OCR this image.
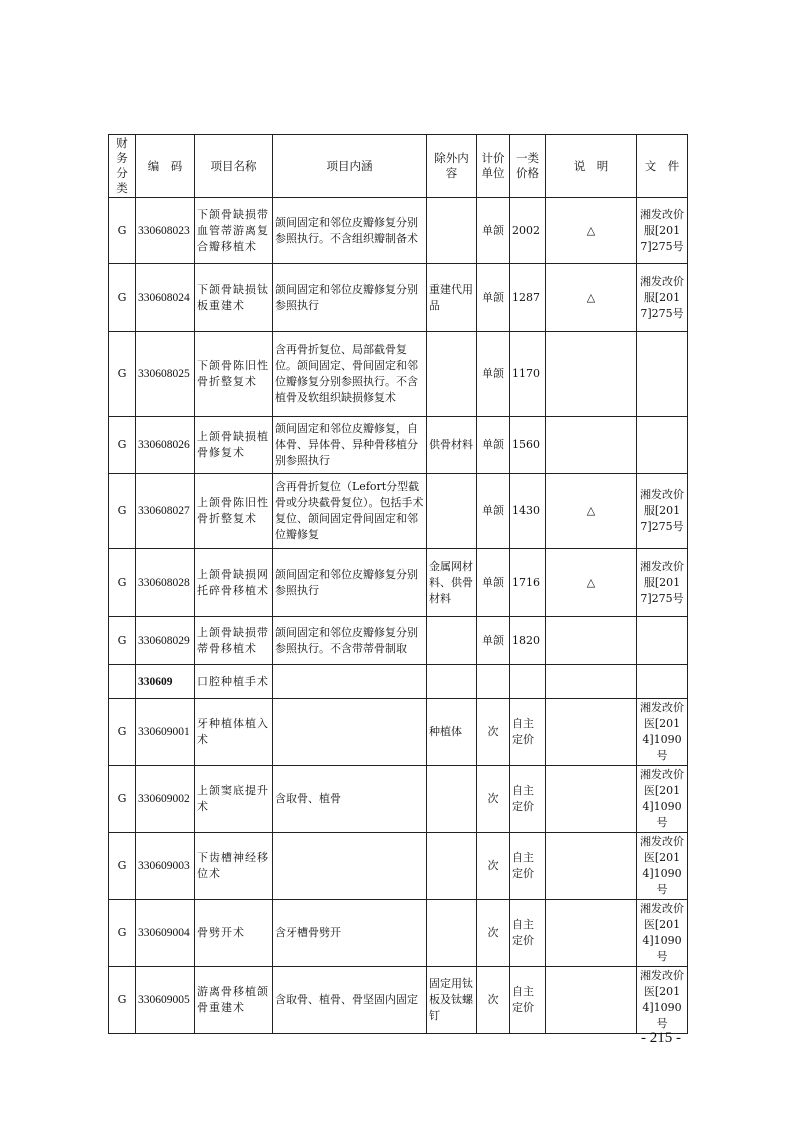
财务分类	编　码	项目名称	项目内涵	除外内容	计价单位	一类价格	说　明	文　件
G	330608023	下颌骨缺损带血管蒂游离复合瓣移植术	颌间固定和邻位皮瓣修复分别参照执行。不含组织瓣制备术		单颌	2002	△	湘发改价服[2017]275号
G	330608024	下颌骨缺损钛板重建术	颌间固定和邻位皮瓣修复分别参照执行	重建代用品	单颌	1287	△	湘发改价服[2017]275号
G	330608025	下颌骨陈旧性骨折整复术	含再骨折复位、局部截骨复位。颌间固定、骨间固定和邻位瓣修复分别参照执行。不含植骨及软组织缺损修复术		单颌	1170		
G	330608026	上颌骨缺损植骨修复术	颌间固定和邻位皮瓣修复，自体骨、异体骨、异种骨移植分别参照执行	供骨材料	单颌	1560		
G	330608027	上颌骨陈旧性骨折整复术	含再骨折复位（Lefort分型截骨或分块截骨复位）。包括手术复位、颌间固定骨间固定和邻位瓣修复		单颌	1430	△	湘发改价服[2017]275号
G	330608028	上颌骨缺损网托碎骨移植术	颌间固定和邻位皮瓣修复分别参照执行	金属网材料、供骨材料	单颌	1716	△	湘发改价服[2017]275号
G	330608029	上颌骨缺损带蒂骨移植术	颌间固定和邻位皮瓣修复分别参照执行。不含带蒂骨制取		单颌	1820		
	330609	口腔种植手术						
G	330609001	牙种植体植入术		种植体	次	自主定价		湘发改价医[2014]1090号
G	330609002	上颌窦底提升术	含取骨、植骨		次	自主定价		湘发改价医[2014]1090号
G	330609003	下齿槽神经移位术			次	自主定价		湘发改价医[2014]1090号
G	330609004	骨劈开术	含牙槽骨劈开		次	自主定价		湘发改价医[2014]1090号
G	330609005	游离骨移植颌骨重建术	含取骨、植骨、骨坚固内固定	固定用钛板及钛螺钉	次	自主定价		湘发改价医[2014]1090号
- 215 -
